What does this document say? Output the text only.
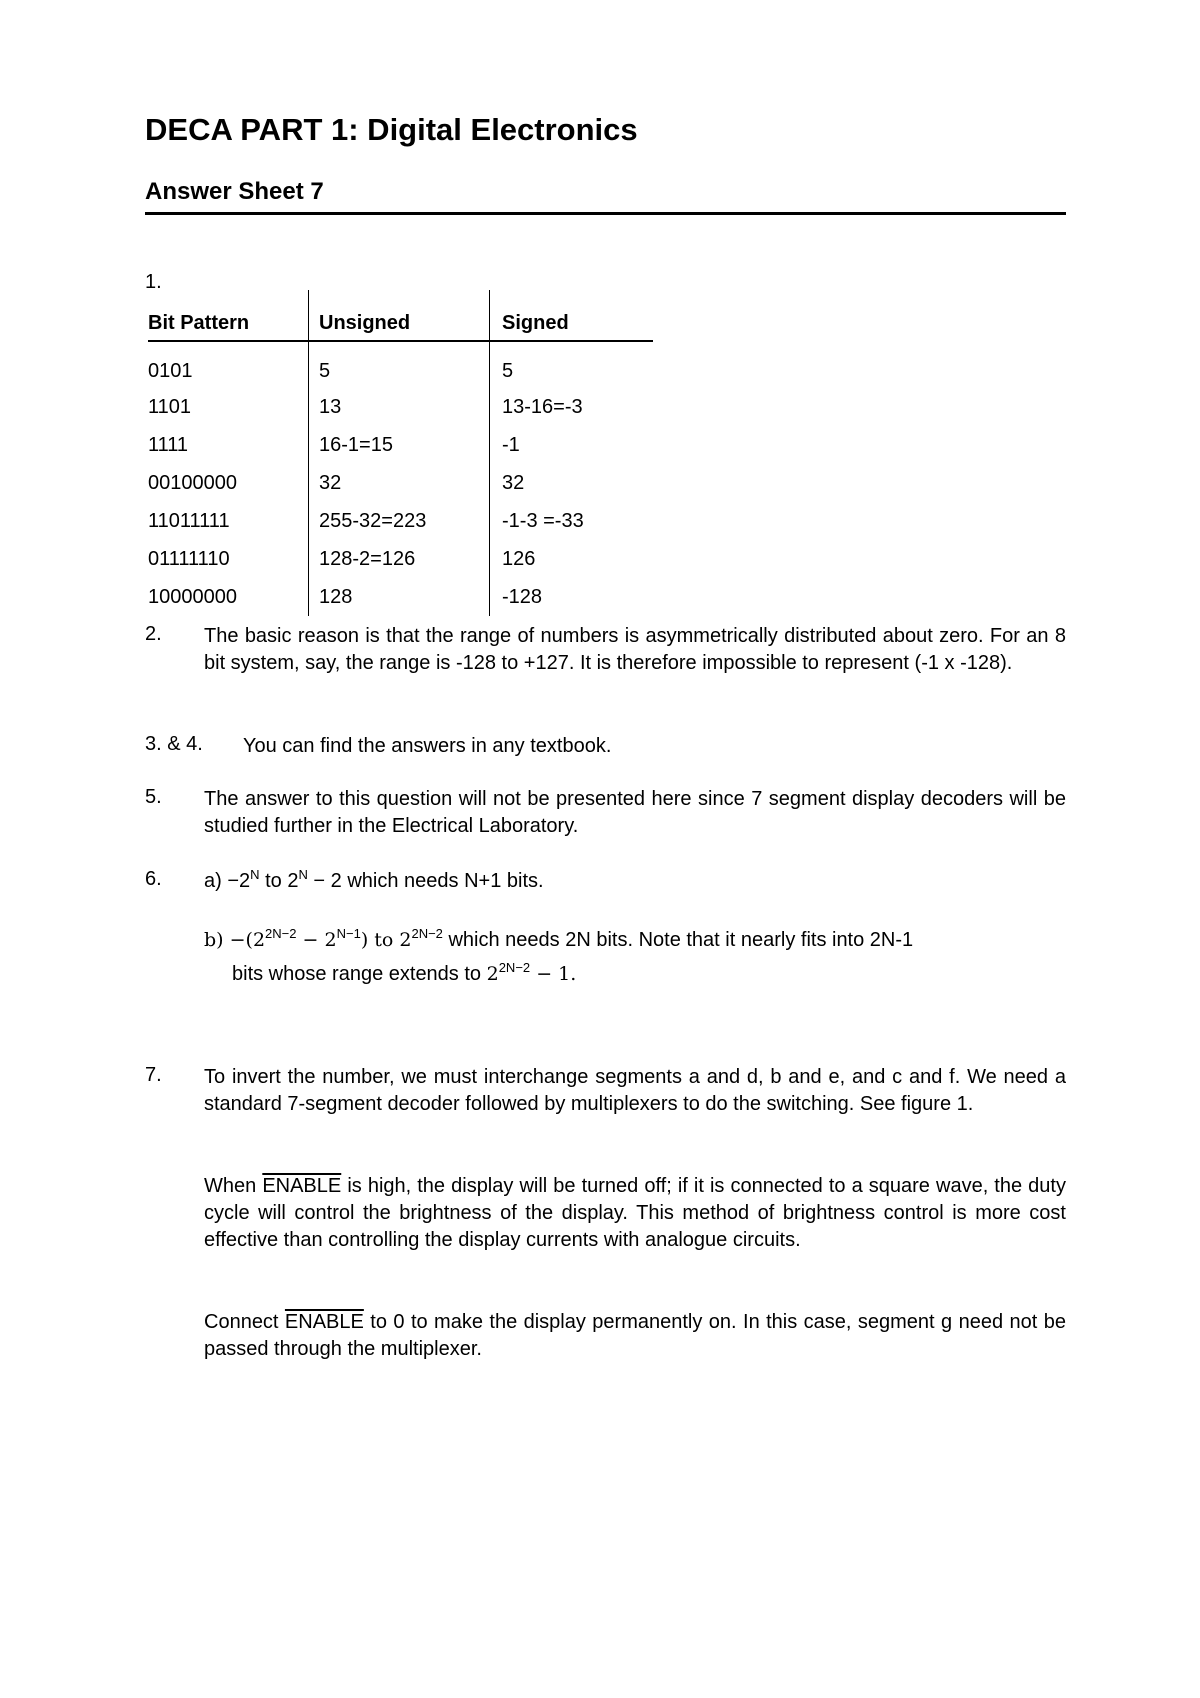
DECA PART 1: Digital Electronics
Answer Sheet 7
1.
Bit Pattern	Unsigned	Signed
0101	5	5
1101	13	13-16=-3
1111	16-1=15	-1
00100000	32	32
11011111	255-32=223	-1-3 =-33
01111110	128-2=126	126
10000000	128	-128
2. The basic reason is that the range of numbers is asymmetrically distributed about zero. For an 8 bit system, say, the range is -128 to +127. It is therefore impossible to represent (-1 x -128).
3. & 4. You can find the answers in any textbook.
5. The answer to this question will not be presented here since 7 segment display decoders will be studied further in the Electrical Laboratory.
6. $a) -2^N$ to $2^N - 2$ which needs N+1 bits.
$b) -(2^{2N-2} - 2^{N-1})$ to $2^{2N-2}$ which needs 2N bits. Note that it nearly fits into 2N-1
bits whose range extends to $2^{2N-2} - 1$.
7. To invert the number, we must interchange segments a and d, b and e, and c and f. We need a standard 7-segment decoder followed by multiplexers to do the switching. See figure 1.
When ENABLE is high, the display will be turned off; if it is connected to a square wave, the duty cycle will control the brightness of the display. This method of brightness control is more cost effective than controlling the display currents with analogue circuits.
Connect ENABLE to 0 to make the display permanently on. In this case, segment g need not be passed through the multiplexer.
